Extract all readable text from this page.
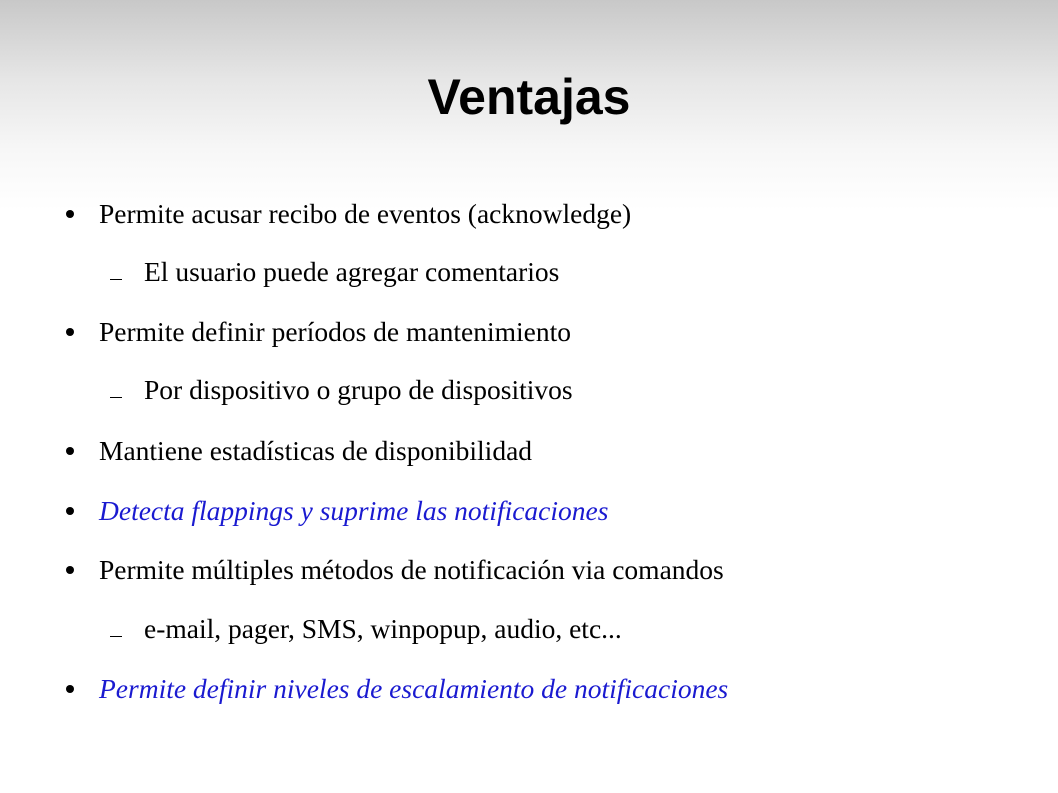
Ventajas
Permite acusar recibo de eventos (acknowledge)
El usuario puede agregar comentarios
Permite definir períodos de mantenimiento
Por dispositivo o grupo de dispositivos
Mantiene estadísticas de disponibilidad
Detecta flappings y suprime las notificaciones
Permite múltiples métodos de notificación via comandos
e-mail, pager, SMS, winpopup, audio, etc...
Permite definir niveles de escalamiento de notificaciones
